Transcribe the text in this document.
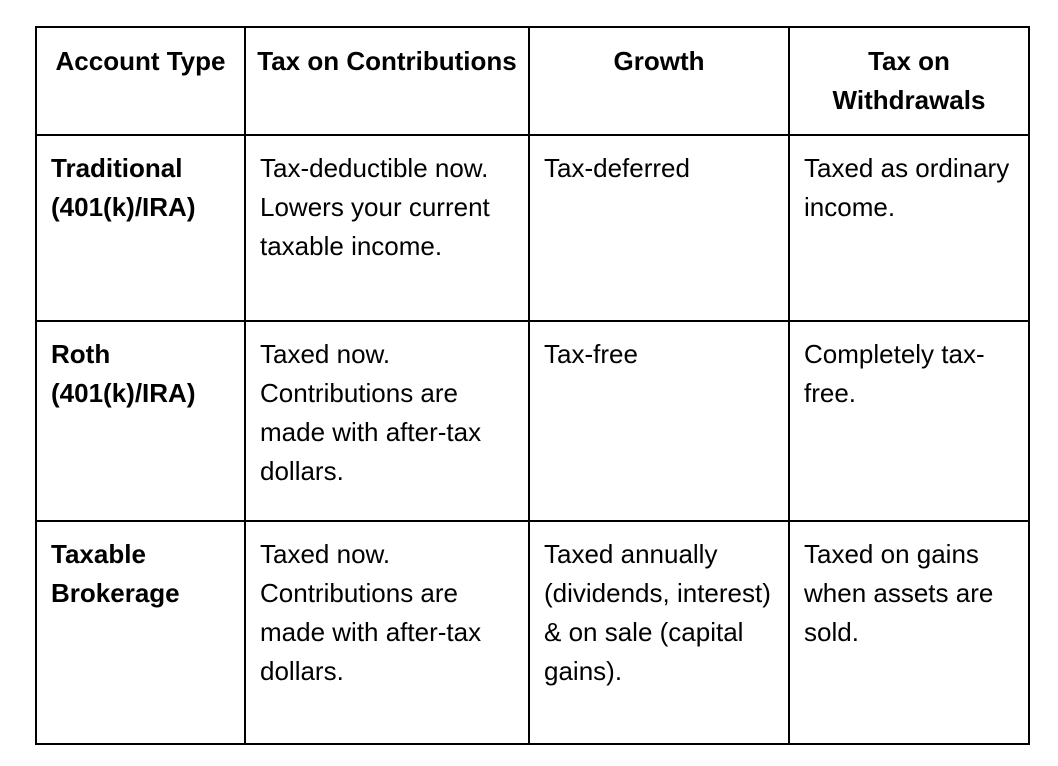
Account Type	Tax on Contributions	Growth	Tax on Withdrawals
Traditional (401(k)/IRA)	Tax-deductible now. Lowers your current taxable income.	Tax-deferred	Taxed as ordinary income.
Roth (401(k)/IRA)	Taxed now. Contributions are made with after-tax dollars.	Tax-free	Completely tax-free.
Taxable Brokerage	Taxed now. Contributions are made with after-tax dollars.	Taxed annually (dividends, interest) & on sale (capital gains).	Taxed on gains when assets are sold.
